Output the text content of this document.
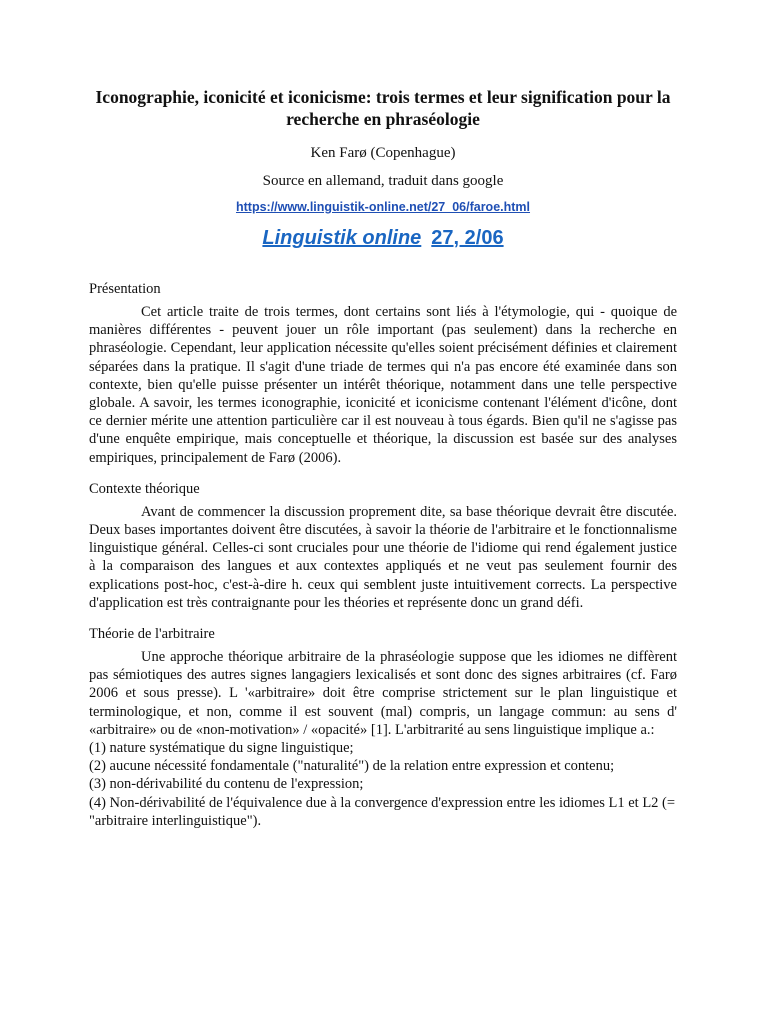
Iconographie, iconicité et iconicisme: trois termes et leur signification pour la recherche en phraséologie
Ken Farø (Copenhague)
Source en allemand, traduit dans google
https://www.linguistik-online.net/27_06/faroe.html
Linguistik online 27, 2/06

Présentation

Cet article traite de trois termes, dont certains sont liés à l'étymologie, qui - quoique de manières différentes - peuvent jouer un rôle important (pas seulement) dans la recherche en phraséologie. Cependant, leur application nécessite qu'elles soient précisément définies et clairement séparées dans la pratique. Il s'agit d'une triade de termes qui n'a pas encore été examinée dans son contexte, bien qu'elle puisse présenter un intérêt théorique, notamment dans une telle perspective globale. A savoir, les termes iconographie, iconicité et iconicisme contenant l'élément d'icône, dont ce dernier mérite une attention particulière car il est nouveau à tous égards. Bien qu'il ne s'agisse pas d'une enquête empirique, mais conceptuelle et théorique, la discussion est basée sur des analyses empiriques, principalement de Farø (2006).

Contexte théorique

Avant de commencer la discussion proprement dite, sa base théorique devrait être discutée. Deux bases importantes doivent être discutées, à savoir la théorie de l'arbitraire et le fonctionnalisme linguistique général. Celles-ci sont cruciales pour une théorie de l'idiome qui rend également justice à la comparaison des langues et aux contextes appliqués et ne veut pas seulement fournir des explications post-hoc, c'est-à-dire h. ceux qui semblent juste intuitivement corrects. La perspective d'application est très contraignante pour les théories et représente donc un grand défi.

Théorie de l'arbitraire

Une approche théorique arbitraire de la phraséologie suppose que les idiomes ne diffèrent pas sémiotiques des autres signes langagiers lexicalisés et sont donc des signes arbitraires (cf. Farø 2006 et sous presse). L '«arbitraire» doit être comprise strictement sur le plan linguistique et terminologique, et non, comme il est souvent (mal) compris, un langage commun: au sens d' «arbitraire» ou de «non-motivation» / «opacité» [1]. L'arbitrarité au sens linguistique implique a.:

(1) nature systématique du signe linguistique;

(2) aucune nécessité fondamentale ("naturalité") de la relation entre expression et contenu;

(3) non-dérivabilité du contenu de l'expression;

(4) Non-dérivabilité de l'équivalence due à la convergence d'expression entre les idiomes L1 et L2 (= "arbitraire interlinguistique").
